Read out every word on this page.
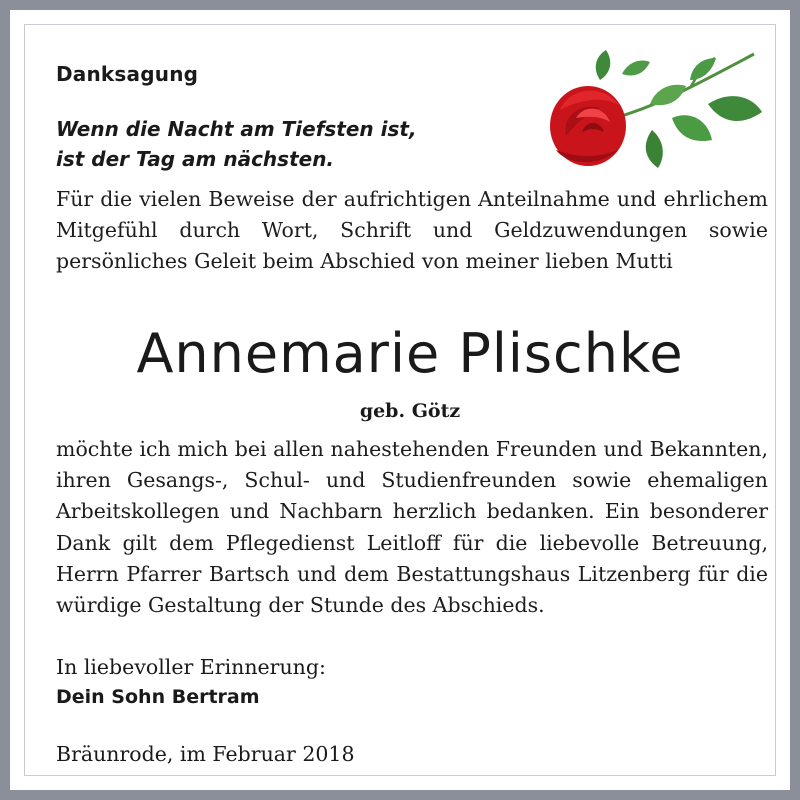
Danksagung
Wenn die Nacht am Tiefsten ist,
ist der Tag am nächsten.
Für die vielen Beweise der aufrichtigen Anteilnahme und ehrlichem Mitgefühl durch Wort, Schrift und Geldzuwendungen sowie persönliches Geleit beim Abschied von meiner lieben Mutti
Annemarie Plischke
geb. Götz
möchte ich mich bei allen nahestehenden Freunden und Bekannten, ihren Gesangs-, Schul- und Studienfreunden sowie ehemaligen Arbeitskollegen und Nachbarn herzlich bedanken. Ein besonderer Dank gilt dem Pflegedienst Leitloff für die liebevolle Betreuung, Herrn Pfarrer Bartsch und dem Bestattungshaus Litzenberg für die würdige Gestaltung der Stunde des Abschieds.
In liebevoller Erinnerung:
Dein Sohn Bertram
Bräunrode, im Februar 2018
